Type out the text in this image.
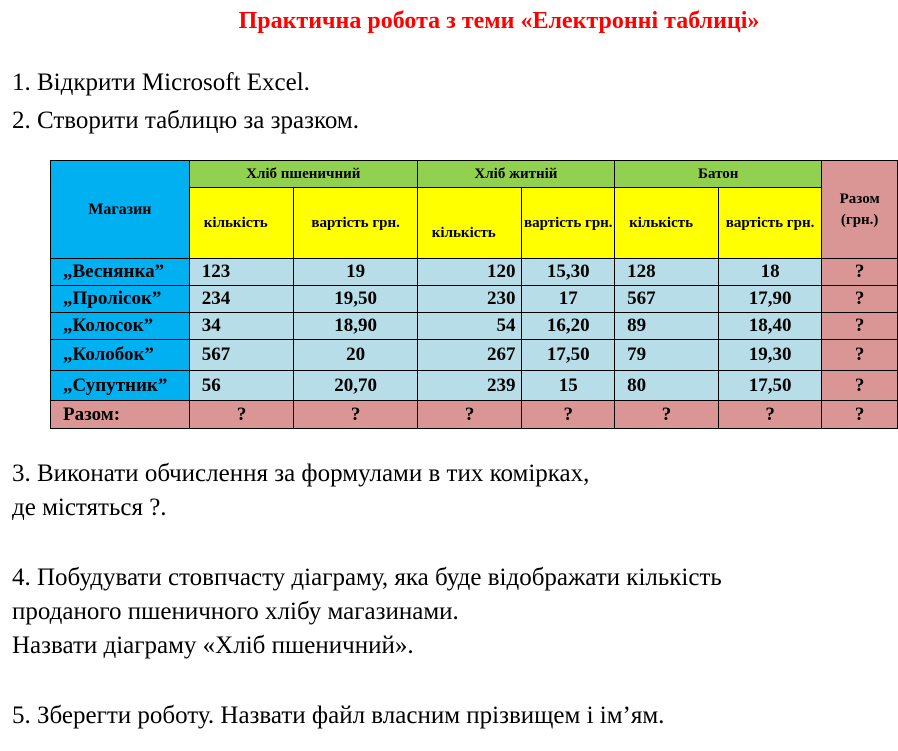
Практична робота з теми «Електронні таблиці»
1. Відкрити Microsoft Excel.
2. Створити таблицю за зразком.
Магазин	Хліб пшеничний		Хліб житній		Батон		Разом (грн.)
	кількість	вартість грн.	кількість	вартість грн.	кількість	вартість грн.	
„Веснянка”	123	19	120	15,30	128	18	?
„Пролісок”	234	19,50	230	17	567	17,90	?
„Колосок”	34	18,90	54	16,20	89	18,40	?
„Колобок”	567	20	267	17,50	79	19,30	?
„Супутник”	56	20,70	239	15	80	17,50	?
Разом:	?	?	?	?	?	?	?
3. Виконати обчислення за формулами в тих комірках,
де містяться ?.
4. Побудувати стовпчасту діаграму, яка буде відображати кількість
проданого пшеничного хлібу магазинами.
Назвати діаграму «Хліб пшеничний».
5. Зберегти роботу. Назвати файл власним прізвищем і ім’ям.
